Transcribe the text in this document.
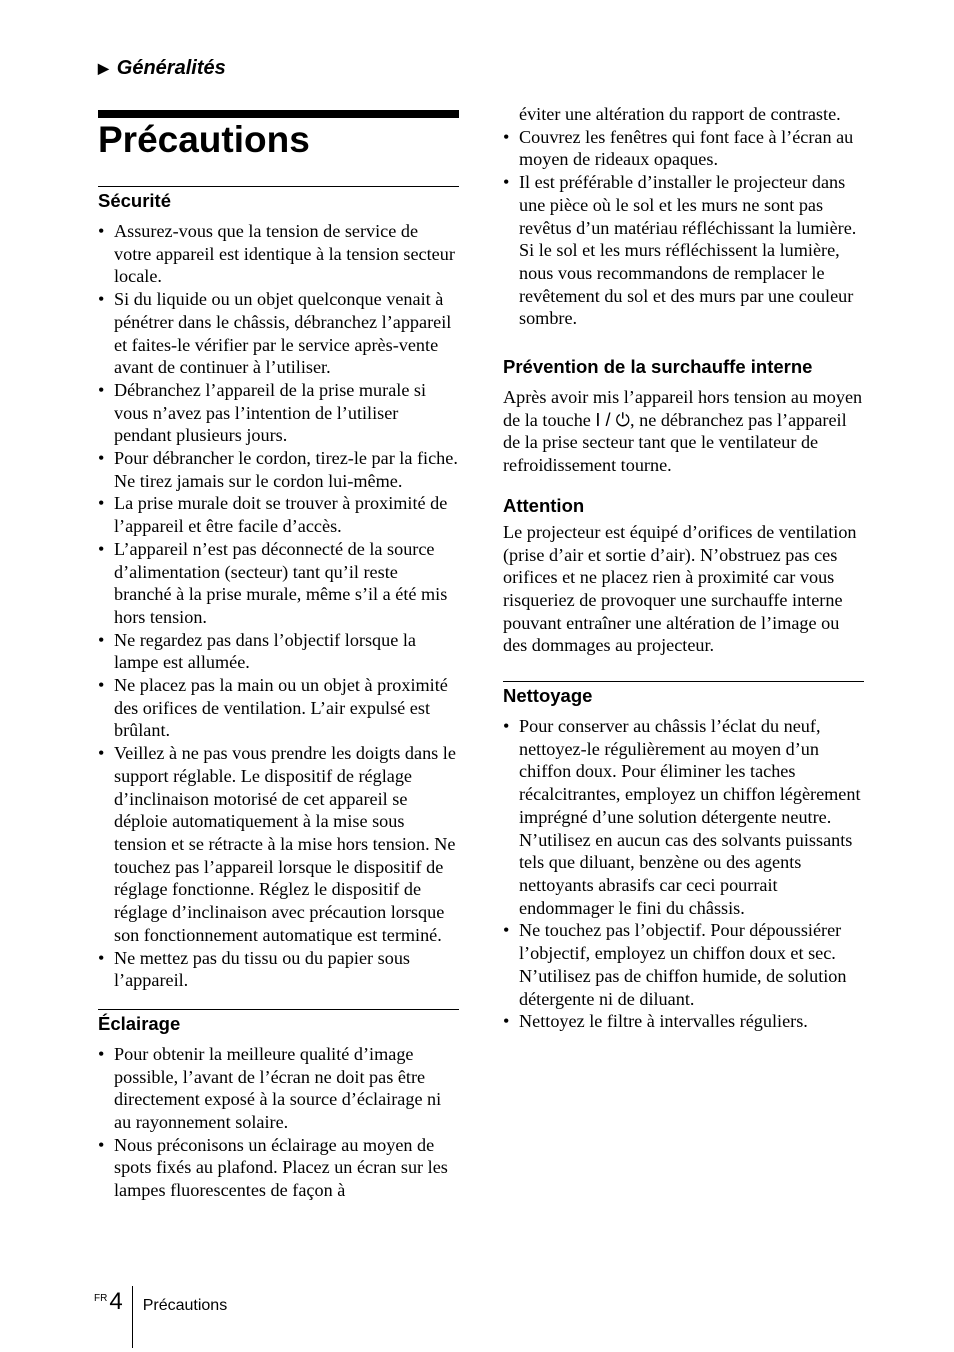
▶ Généralités
Précautions
Sécurité
• Assurez-vous que la tension de service de votre appareil est identique à la tension secteur locale.
• Si du liquide ou un objet quelconque venait à pénétrer dans le châssis, débranchez l’appareil et faites-le vérifier par le service après-vente avant de continuer à l’utiliser.
• Débranchez l’appareil de la prise murale si vous n’avez pas l’intention de l’utiliser pendant plusieurs jours.
• Pour débrancher le cordon, tirez-le par la fiche. Ne tirez jamais sur le cordon lui-même.
• La prise murale doit se trouver à proximité de l’appareil et être facile d’accès.
• L’appareil n’est pas déconnecté de la source d’alimentation (secteur) tant qu’il reste branché à la prise murale, même s’il a été mis hors tension.
• Ne regardez pas dans l’objectif lorsque la lampe est allumée.
• Ne placez pas la main ou un objet à proximité des orifices de ventilation. L’air expulsé est brûlant.
• Veillez à ne pas vous prendre les doigts dans le support réglable. Le dispositif de réglage d’inclinaison motorisé de cet appareil se déploie automatiquement à la mise sous tension et se rétracte à la mise hors tension. Ne touchez pas l’appareil lorsque le dispositif de réglage fonctionne. Réglez le dispositif de réglage d’inclinaison avec précaution lorsque son fonctionnement automatique est terminé.
• Ne mettez pas du tissu ou du papier sous l’appareil.
Éclairage
• Pour obtenir la meilleure qualité d’image possible, l’avant de l’écran ne doit pas être directement exposé à la source d’éclairage ni au rayonnement solaire.
• Nous préconisons un éclairage au moyen de spots fixés au plafond. Placez un écran sur les lampes fluorescentes de façon à
éviter une altération du rapport de contraste.
• Couvrez les fenêtres qui font face à l’écran au moyen de rideaux opaques.
• Il est préférable d’installer le projecteur dans une pièce où le sol et les murs ne sont pas revêtus d’un matériau réfléchissant la lumière. Si le sol et les murs réfléchissent la lumière, nous vous recommandons de remplacer le revêtement du sol et des murs par une couleur sombre.
Prévention de la surchauffe interne

Après avoir mis l’appareil hors tension au moyen de la touche I / ⏻, ne débranchez pas l’appareil de la prise secteur tant que le ventilateur de refroidissement tourne.

Attention

Le projecteur est équipé d’orifices de ventilation (prise d’air et sortie d’air). N’obstruez pas ces orifices et ne placez rien à proximité car vous risqueriez de provoquer une surchauffe interne pouvant entraîner une altération de l’image ou des dommages au projecteur.

Nettoyage
• Pour conserver au châssis l’éclat du neuf, nettoyez-le régulièrement au moyen d’un chiffon doux. Pour éliminer les taches récalcitrantes, employez un chiffon légèrement imprégné d’une solution détergente neutre. N’utilisez en aucun cas des solvants puissants tels que diluant, benzène ou des agents nettoyants abrasifs car ceci pourrait endommager le fini du châssis.
• Ne touchez pas l’objectif. Pour dépoussiérer l’objectif, employez un chiffon doux et sec. N’utilisez pas de chiffon humide, de solution détergente ni de diluant.
• Nettoyez le filtre à intervalles réguliers.
FR 4 Précautions
